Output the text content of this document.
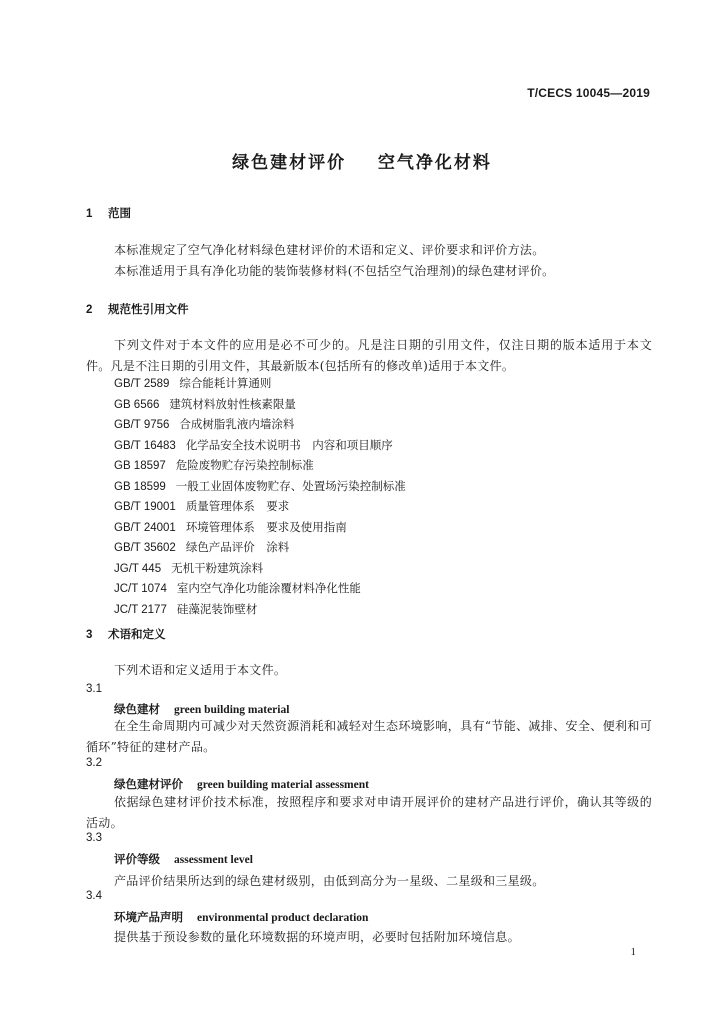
T/CECS 10045—2019
绿色建材评价    空气净化材料
1 范围
本标准规定了空气净化材料绿色建材评价的术语和定义、评价要求和评价方法。
本标准适用于具有净化功能的装饰装修材料(不包括空气治理剂)的绿色建材评价。
2 规范性引用文件
下列文件对于本文件的应用是必不可少的。凡是注日期的引用文件，仅注日期的版本适用于本文件。凡是不注日期的引用文件，其最新版本(包括所有的修改单)适用于本文件。
GB/T 2589 综合能耗计算通则
GB 6566 建筑材料放射性核素限量
GB/T 9756 合成树脂乳液内墙涂料
GB/T 16483 化学品安全技术说明书　内容和项目顺序
GB 18597 危险废物贮存污染控制标准
GB 18599 一般工业固体废物贮存、处置场污染控制标准
GB/T 19001 质量管理体系　要求
GB/T 24001 环境管理体系　要求及使用指南
GB/T 35602 绿色产品评价　涂料
JG/T 445 无机干粉建筑涂料
JC/T 1074 室内空气净化功能涂覆材料净化性能
JC/T 2177 硅藻泥装饰壁材
3 术语和定义
下列术语和定义适用于本文件。
3.1
绿色建材 green building material
在全生命周期内可减少对天然资源消耗和减轻对生态环境影响，具有“节能、减排、安全、便利和可循环”特征的建材产品。
3.2
绿色建材评价 green building material assessment
依据绿色建材评价技术标准，按照程序和要求对申请开展评价的建材产品进行评价，确认其等级的活动。
3.3
评价等级 assessment level
产品评价结果所达到的绿色建材级别，由低到高分为一星级、二星级和三星级。
3.4
环境产品声明 environmental product declaration
提供基于预设参数的量化环境数据的环境声明，必要时包括附加环境信息。
1
